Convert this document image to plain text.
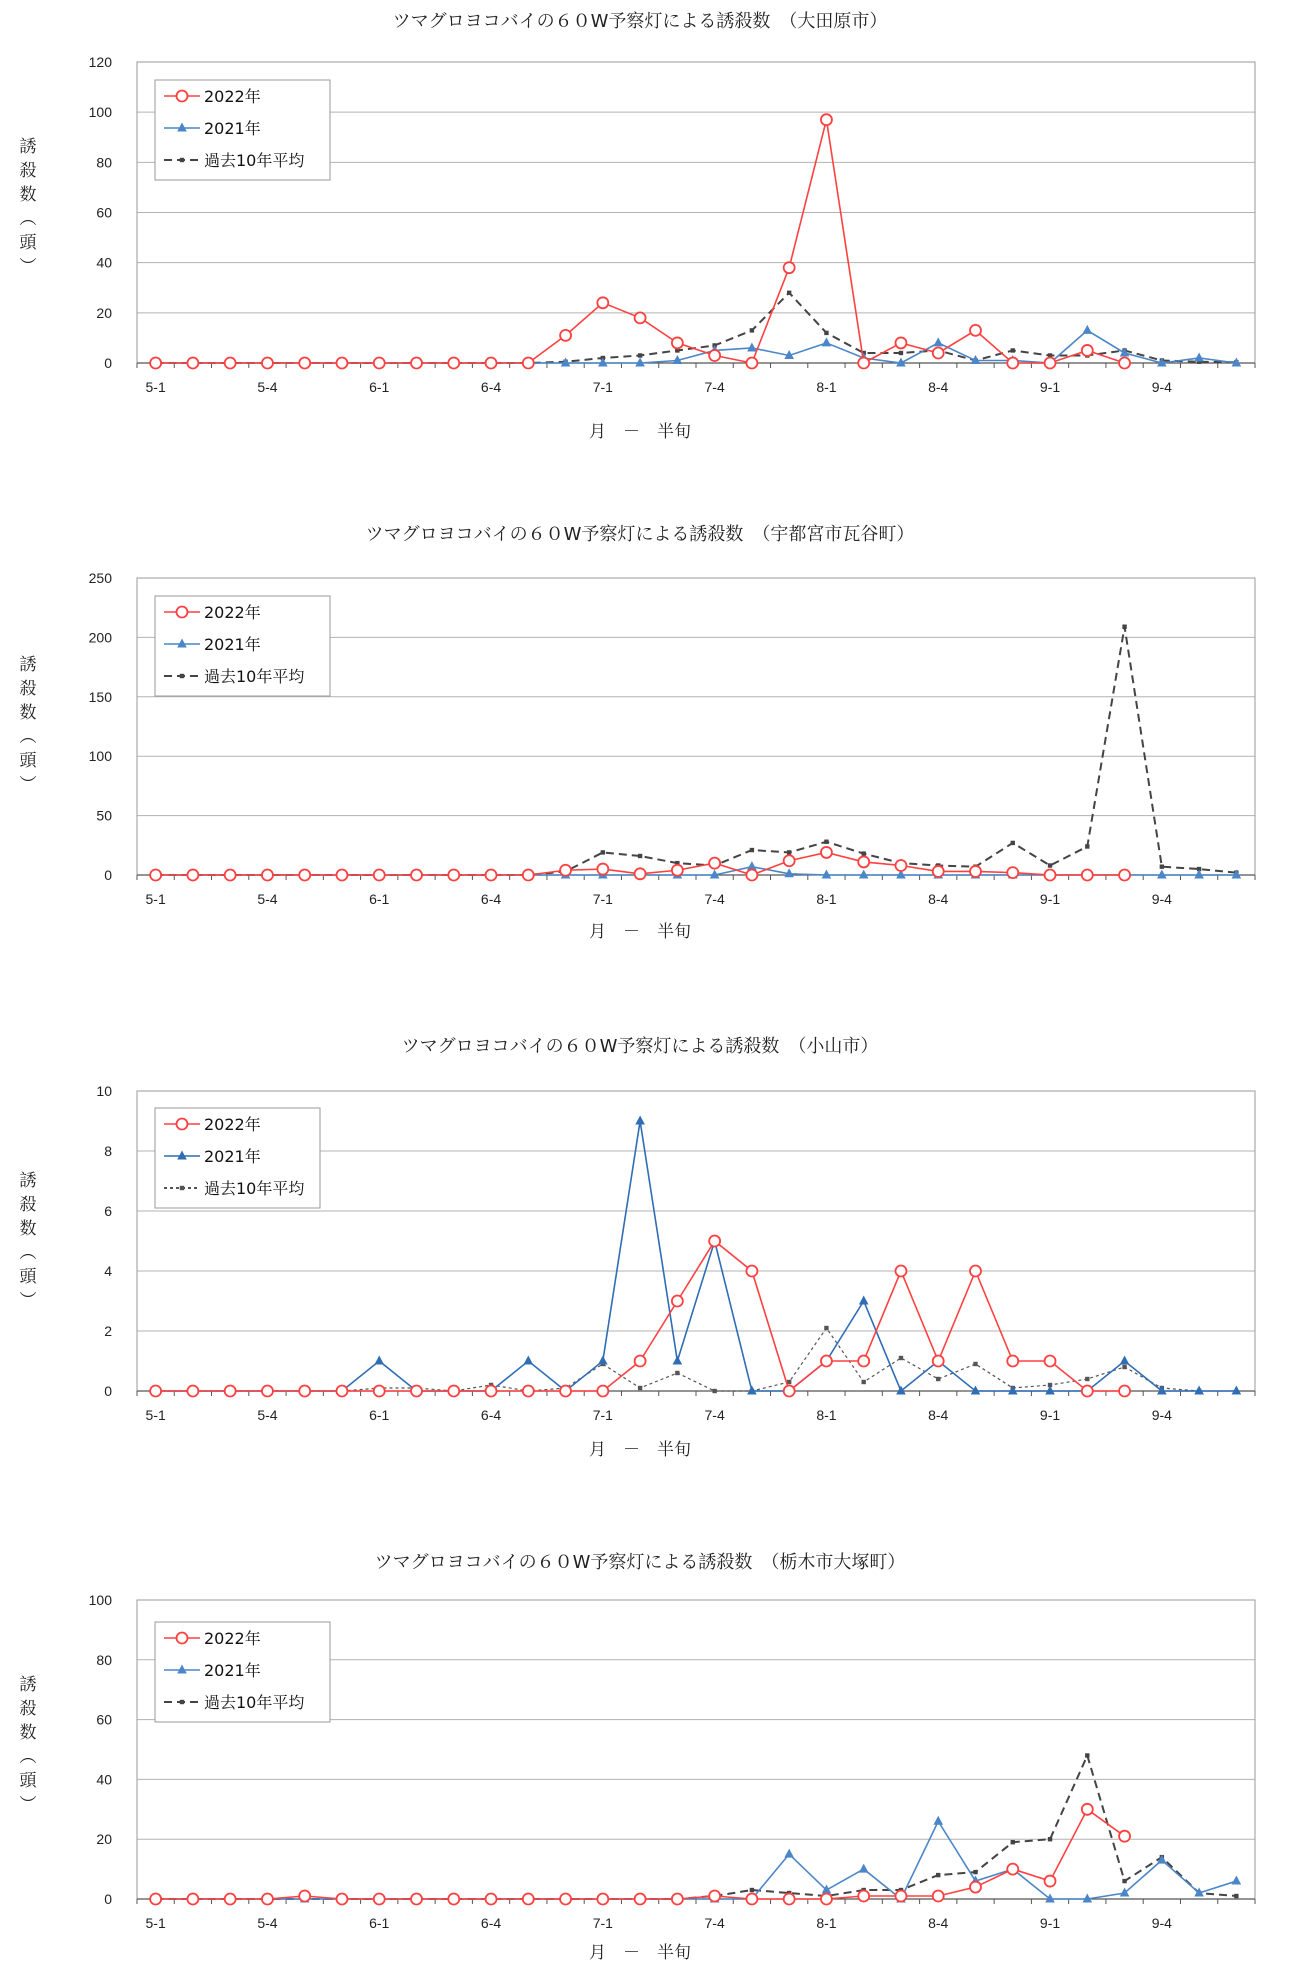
ツマグロヨコバイの６０W予察灯による誘殺数　（大田原市）
0
20
40
60
80
100
120
5-1	5-4	6-1	6-4	7-1	7-4	8-1	8-4	9-1	9-4
月　－　半旬
誘殺数︵頭︶
2022年
2021年
過去10年平均
ツマグロヨコバイの６０W予察灯による誘殺数　（宇都宮市瓦谷町）
0
50
100
150
200
250
5-1	5-4	6-1	6-4	7-1	7-4	8-1	8-4	9-1	9-4
月　－　半旬
誘殺数︵頭︶
2022年
2021年
過去10年平均
ツマグロヨコバイの６０W予察灯による誘殺数　（小山市）
0
2
4
6
8
10
5-1	5-4	6-1	6-4	7-1	7-4	8-1	8-4	9-1	9-4
月　－　半旬
誘殺数︵頭︶
2022年
2021年
過去10年平均
ツマグロヨコバイの６０W予察灯による誘殺数　（栃木市大塚町）
0
20
40
60
80
100
5-1	5-4	6-1	6-4	7-1	7-4	8-1	8-4	9-1	9-4
月　－　半旬
誘殺数︵頭︶
2022年
2021年
過去10年平均
